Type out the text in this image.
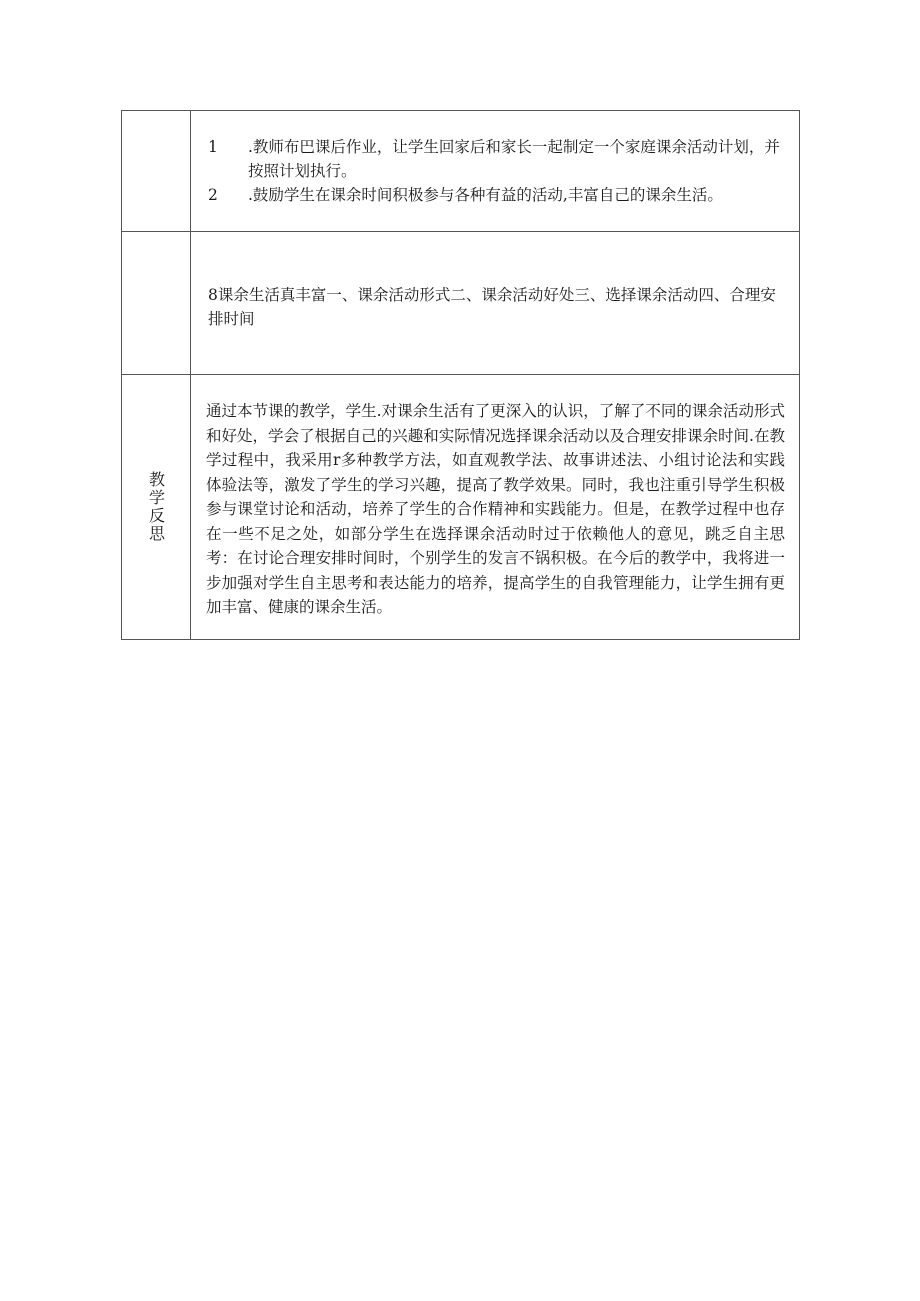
	1 .教师布巴课后作业，让学生回家后和家长一起制定一个家庭课余活动计划，并按照计划执行。
2 .鼓励学生在课余时间积极参与各种有益的活动,丰富自己的课余生活。

	8课余生活真丰富一、课余活动形式二、课余活动好处三、选择课余活动四、合理安排时间

教学反思	通过本节课的教学，学生.对课余生活有了更深入的认识，了解了不同的课余活动形式和好处，学会了根据自己的兴趣和实际情况选择课余活动以及合理安排课余时间.在教学过程中，我采用r多种教学方法，如直观教学法、故事讲述法、小组讨论法和实践体验法等，激发了学生的学习兴趣，提高了教学效果。同时，我也注重引导学生积极参与课堂讨论和活动，培养了学生的合作精神和实践能力。但是，在教学过程中也存在一些不足之处，如部分学生在选择课余活动时过于依赖他人的意见，跳乏自主思考：在讨论合理安排时间时，个别学生的发言不锅积极。在今后的教学中，我将进一步加强对学生自主思考和表达能力的培养，提高学生的自我管理能力，让学生拥有更加丰富、健康的课余生活。
